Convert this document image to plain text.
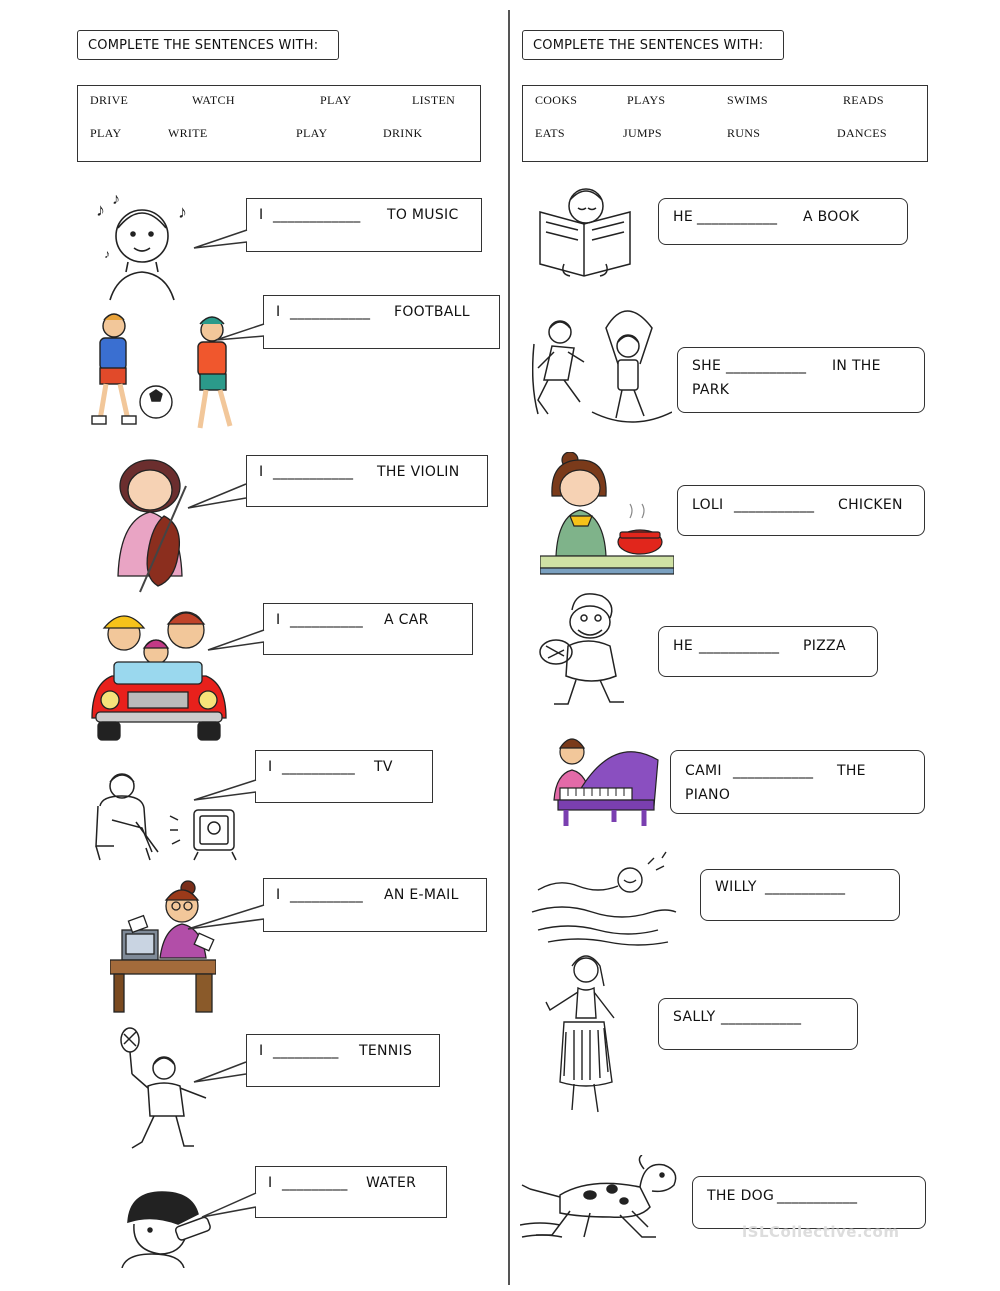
COMPLETE THE SENTENCES WITH:	COMPLETE THE SENTENCES WITH:
DRIVE	WATCH	PLAY	LISTEN
PLAY	WRITE	PLAY	DRINK
COOKS	PLAYS	SWIMS	READS
EATS	JUMPS	RUNS	DANCES
♪
♪
♪
♪
I ____________ TO MUSIC
I ___________ FOOTBALL
I ___________ THE VIOLIN
I __________ A CAR
I __________ TV
I __________ AN E-MAIL
I _________ TENNIS
I _________ WATER
HE ___________ A BOOK
SHE ___________ IN THE
PARK
LOLI ___________ CHICKEN
HE ___________ PIZZA
CAMI ___________ THE
PIANO
WILLY ___________
SALLY ___________
THE DOG ___________
iSLCollective.com
